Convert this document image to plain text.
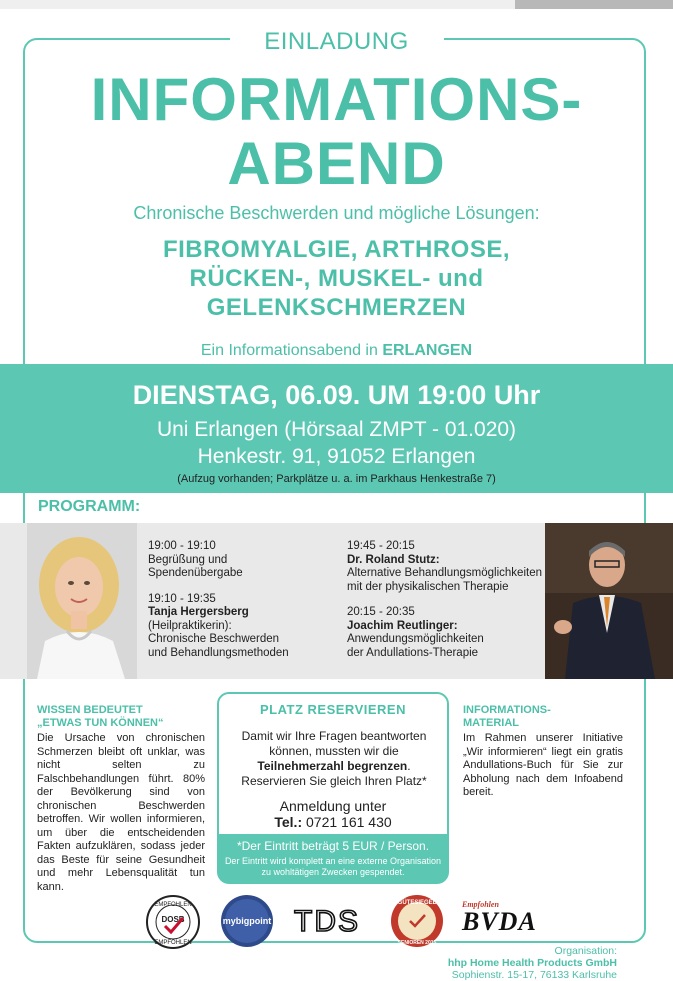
EINLADUNG
INFORMATIONS-
ABEND
Chronische Beschwerden und mögliche Lösungen:
FIBROMYALGIE, ARTHROSE,
RÜCKEN-, MUSKEL- und
GELENKSCHMERZEN
Ein Informationsabend in ERLANGEN
DIENSTAG, 06.09. UM 19:00 Uhr
Uni Erlangen (Hörsaal ZMPT - 01.020)
Henkestr. 91, 91052 Erlangen
(Aufzug vorhanden; Parkplätze u. a. im Parkhaus Henkestraße 7)
PROGRAMM:
19:00 - 19:10
Begrüßung und
Spendenübergabe
19:10 - 19:35
Tanja Hergersberg
(Heilpraktikerin):
Chronische Beschwerden
und Behandlungsmethoden
19:45 - 20:15
Dr. Roland Stutz:
Alternative Behandlungsmöglichkeiten
mit der physikalischen Therapie
20:15 - 20:35
Joachim Reutlinger:
Anwendungsmöglichkeiten
der Andullations-Therapie
WISSEN BEDEUTET
„ETWAS TUN KÖNNEN“
Die Ursache von chronischen Schmerzen bleibt oft unklar, was nicht selten zu Falschbehandlungen führt. 80% der Bevölkerung sind von chronischen Beschwerden betroffen. Wir wollen informieren, um über die entscheidenden Fakten aufzuklären, sodass jeder das Beste für seine Gesundheit und mehr Lebensqualität tun kann.
PLATZ RESERVIEREN
Damit wir Ihre Fragen beantworten können, mussten wir die Teilnehmerzahl begrenzen. Reservieren Sie gleich Ihren Platz*
Anmeldung unter
Tel.: 0721 161 430
*Der Eintritt beträgt 5 EUR / Person.
Der Eintritt wird komplett an eine externe Organisation zu wohltätigen Zwecken gespendet.
INFORMATIONS-
MATERIAL
Im Rahmen unserer Initiative „Wir informieren“ liegt ein gratis Andullations-Buch für Sie zur Abholung nach dem Infoabend bereit.
EMPFOHLEN
DOSB
EMPFOHLEN
mybigpoint TDS
GÜTESIEGEL
SENIOREN 2015
Empfohlen
BVDA
Organisation:
hhp Home Health Products GmbH
Sophienstr. 15-17, 76133 Karlsruhe
